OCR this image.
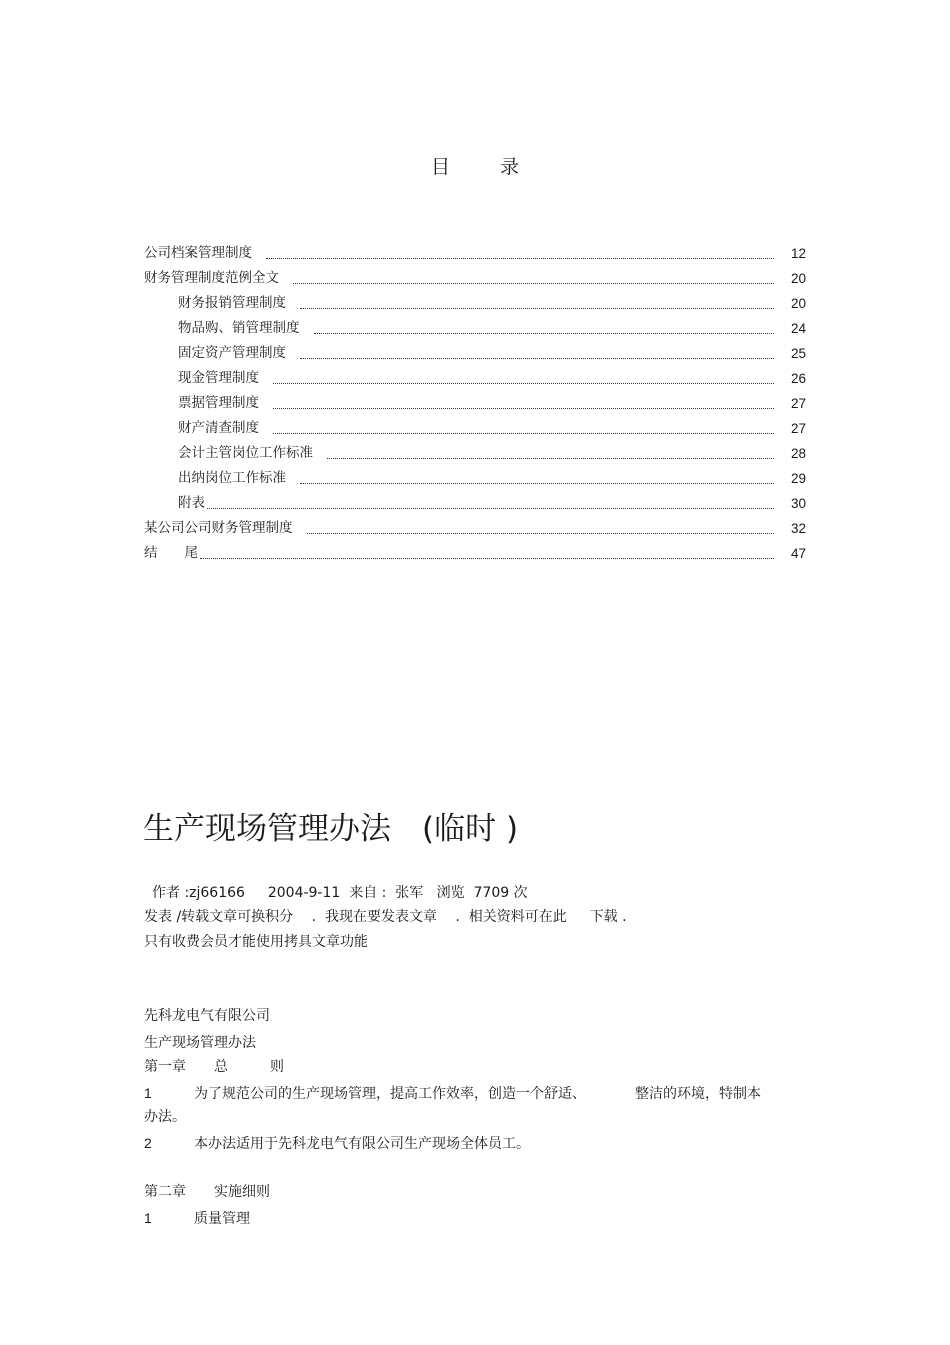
目	录
公司档案管理制度	12
财务管理制度范例全文	20
财务报销管理制度	20
物品购、销管理制度	24
固定资产管理制度	25
现金管理制度	26
票据管理制度	27
财产清查制度	27
会计主管岗位工作标准	28
出纳岗位工作标准	29
附表	30
某公司公司财务管理制度	32
结　　尾	47
生产现场管理办法　(临时 )
作者 :zj66166　  2004-9-11  来自 :  张军   浏览  7709 次
发表 /转载文章可换积分　 .  我现在要发表文章　 .  相关资料可在此　  下载 .
只有收费会员才能使用拷具文章功能
先科龙电气有限公司
生产现场管理办法
第一章　　总　　　则
1	为了规范公司的生产现场管理，提高工作效率，创造一个舒适、　　　　整洁的环境，特制本
办法。
2	本办法适用于先科龙电气有限公司生产现场全体员工。
第二章　　实施细则
1	质量管理
